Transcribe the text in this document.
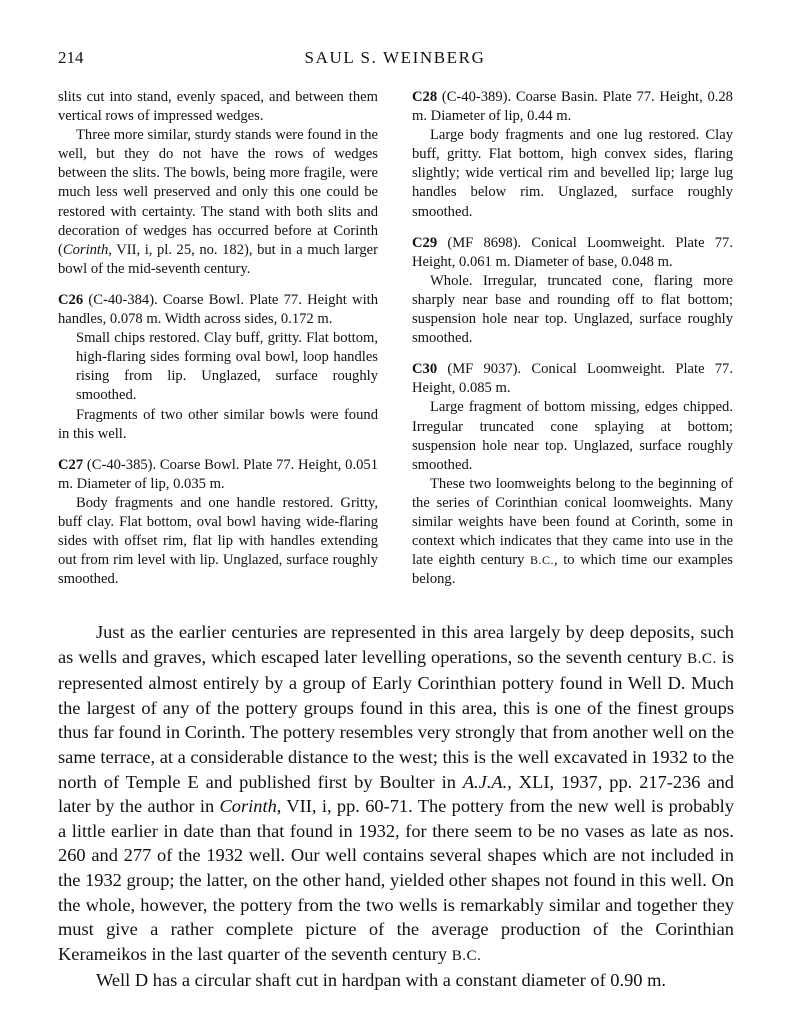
214	SAUL S. WEINBERG

slits cut into stand, evenly spaced, and between them vertical rows of impressed wedges.

Three more similar, sturdy stands were found in the well, but they do not have the rows of wedges between the slits. The bowls, being more fragile, were much less well preserved and only this one could be restored with certainty. The stand with both slits and decoration of wedges has occurred before at Corinth (Corinth, VII, i, pl. 25, no. 182), but in a much larger bowl of the mid-seventh century.

C26 (C-40-384). Coarse Bowl. Plate 77. Height with handles, 0.078 m. Width across sides, 0.172 m.

Small chips restored. Clay buff, gritty. Flat bottom, high-flaring sides forming oval bowl, loop handles rising from lip. Unglazed, surface roughly smoothed.

Fragments of two other similar bowls were found in this well.

C27 (C-40-385). Coarse Bowl. Plate 77. Height, 0.051 m. Diameter of lip, 0.035 m.

Body fragments and one handle restored. Gritty, buff clay. Flat bottom, oval bowl having wide-flaring sides with offset rim, flat lip with handles extending out from rim level with lip. Unglazed, surface roughly smoothed.

C28 (C-40-389). Coarse Basin. Plate 77. Height, 0.28 m. Diameter of lip, 0.44 m.

Large body fragments and one lug restored. Clay buff, gritty. Flat bottom, high convex sides, flaring slightly; wide vertical rim and bevelled lip; large lug handles below rim. Unglazed, surface roughly smoothed.

C29 (MF 8698). Conical Loomweight. Plate 77. Height, 0.061 m. Diameter of base, 0.048 m.

Whole. Irregular, truncated cone, flaring more sharply near base and rounding off to flat bottom; suspension hole near top. Unglazed, surface roughly smoothed.

C30 (MF 9037). Conical Loomweight. Plate 77. Height, 0.085 m.

Large fragment of bottom missing, edges chipped. Irregular truncated cone splaying at bottom; suspension hole near top. Unglazed, surface roughly smoothed.

These two loomweights belong to the beginning of the series of Corinthian conical loomweights. Many similar weights have been found at Corinth, some in context which indicates that they came into use in the late eighth century B.C., to which time our examples belong.

Just as the earlier centuries are represented in this area largely by deep deposits, such as wells and graves, which escaped later levelling operations, so the seventh century B.C. is represented almost entirely by a group of Early Corinthian pottery found in Well D. Much the largest of any of the pottery groups found in this area, this is one of the finest groups thus far found in Corinth. The pottery resembles very strongly that from another well on the same terrace, at a considerable distance to the west; this is the well excavated in 1932 to the north of Temple E and published first by Boulter in A.J.A., XLI, 1937, pp. 217-236 and later by the author in Corinth, VII, i, pp. 60-71. The pottery from the new well is probably a little earlier in date than that found in 1932, for there seem to be no vases as late as nos. 260 and 277 of the 1932 well. Our well contains several shapes which are not included in the 1932 group; the latter, on the other hand, yielded other shapes not found in this well. On the whole, however, the pottery from the two wells is remarkably similar and together they must give a rather complete picture of the average production of the Corinthian Kerameikos in the last quarter of the seventh century B.C.

Well D has a circular shaft cut in hardpan with a constant diameter of 0.90 m.
